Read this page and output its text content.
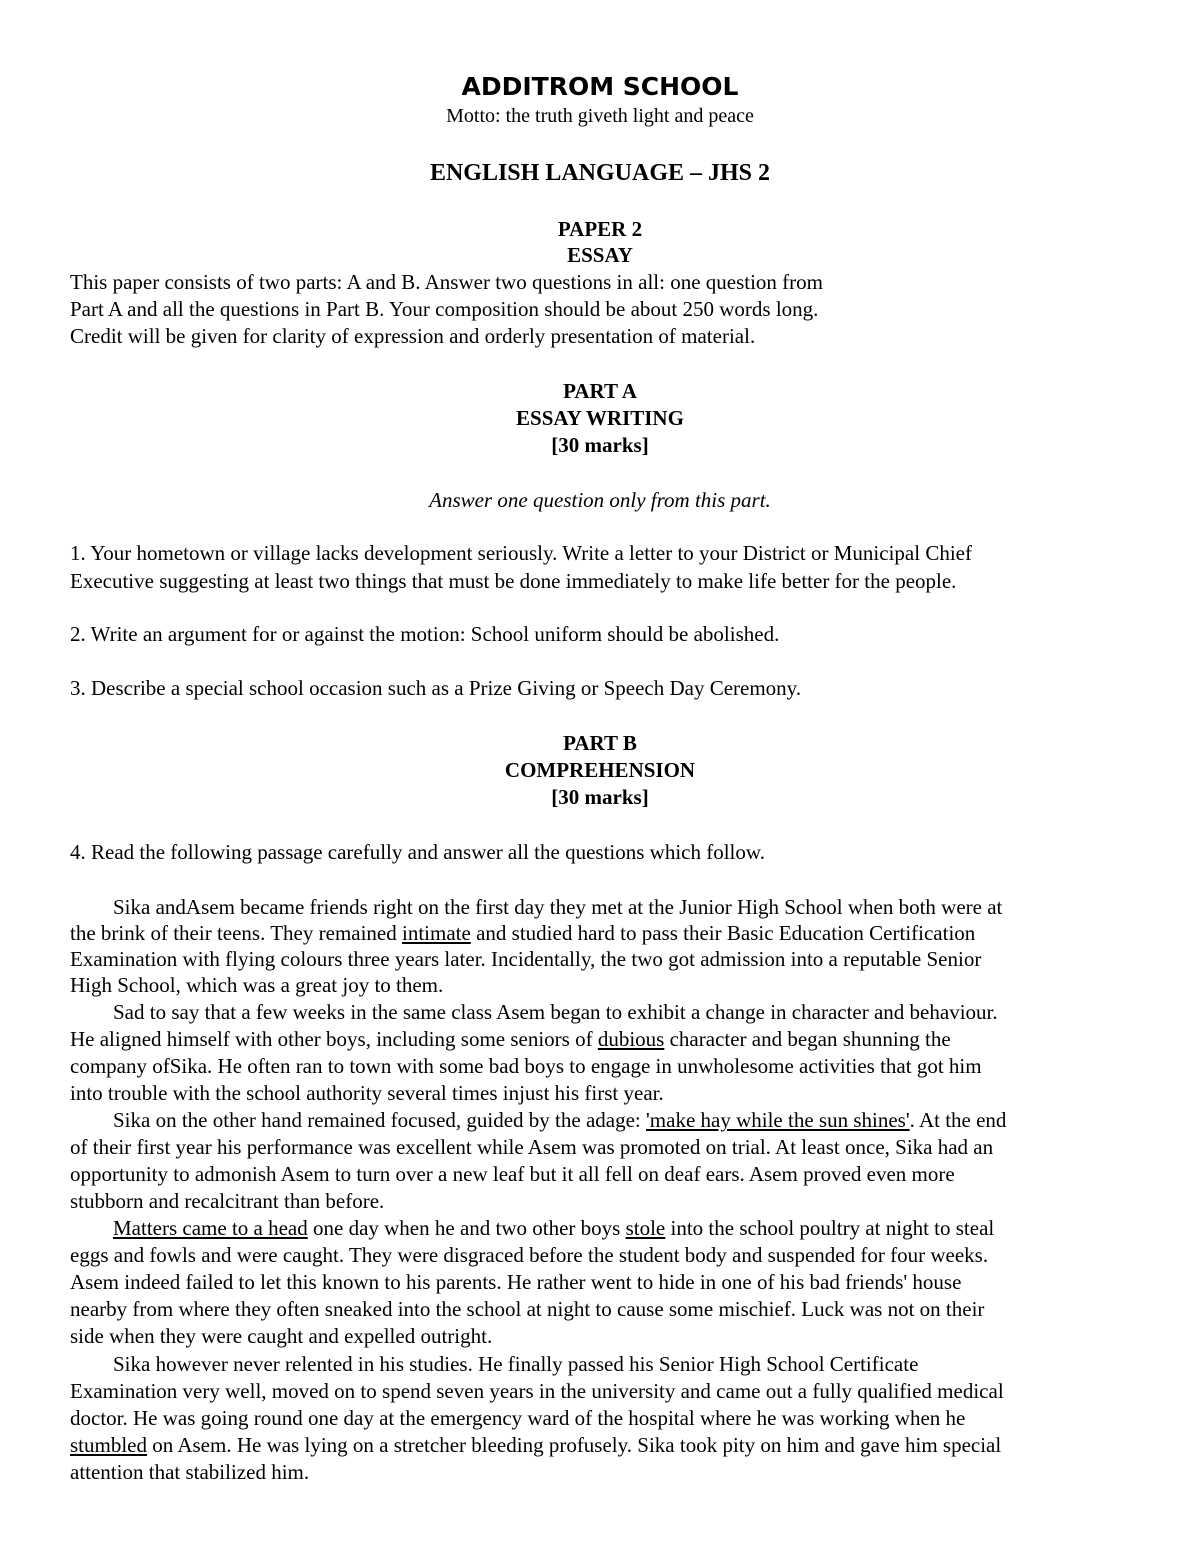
ADDITROM SCHOOL
Motto: the truth giveth light and peace
ENGLISH LANGUAGE – JHS 2
PAPER 2
ESSAY
This paper consists of two parts: A and B. Answer two questions in all: one question from
Part A and all the questions in Part B. Your composition should be about 250 words long.
Credit will be given for clarity of expression and orderly presentation of material.
PART A
ESSAY WRITING
[30 marks]
Answer one question only from this part.
1. Your hometown or village lacks development seriously. Write a letter to your District or Municipal Chief
Executive suggesting at least two things that must be done immediately to make life better for the people.
2. Write an argument for or against the motion: School uniform should be abolished.
3. Describe a special school occasion such as a Prize Giving or Speech Day Ceremony.
PART B
COMPREHENSION
[30 marks]
4. Read the following passage carefully and answer all the questions which follow.
Sika andAsem became friends right on the first day they met at the Junior High School when both were at
the brink of their teens. They remained intimate and studied hard to pass their Basic Education Certification
Examination with flying colours three years later. Incidentally, the two got admission into a reputable Senior
High School, which was a great joy to them.
Sad to say that a few weeks in the same class Asem began to exhibit a change in character and behaviour.
He aligned himself with other boys, including some seniors of dubious character and began shunning the
company ofSika. He often ran to town with some bad boys to engage in unwholesome activities that got him
into trouble with the school authority several times injust his first year.
Sika on the other hand remained focused, guided by the adage: 'make hay while the sun shines'. At the end
of their first year his performance was excellent while Asem was promoted on trial. At least once, Sika had an
opportunity to admonish Asem to turn over a new leaf but it all fell on deaf ears. Asem proved even more
stubborn and recalcitrant than before.
Matters came to a head one day when he and two other boys stole into the school poultry at night to steal
eggs and fowls and were caught. They were disgraced before the student body and suspended for four weeks.
Asem indeed failed to let this known to his parents. He rather went to hide in one of his bad friends' house
nearby from where they often sneaked into the school at night to cause some mischief. Luck was not on their
side when they were caught and expelled outright.
Sika however never relented in his studies. He finally passed his Senior High School Certificate
Examination very well, moved on to spend seven years in the university and came out a fully qualified medical
doctor. He was going round one day at the emergency ward of the hospital where he was working when he
stumbled on Asem. He was lying on a stretcher bleeding profusely. Sika took pity on him and gave him special
attention that stabilized him.
